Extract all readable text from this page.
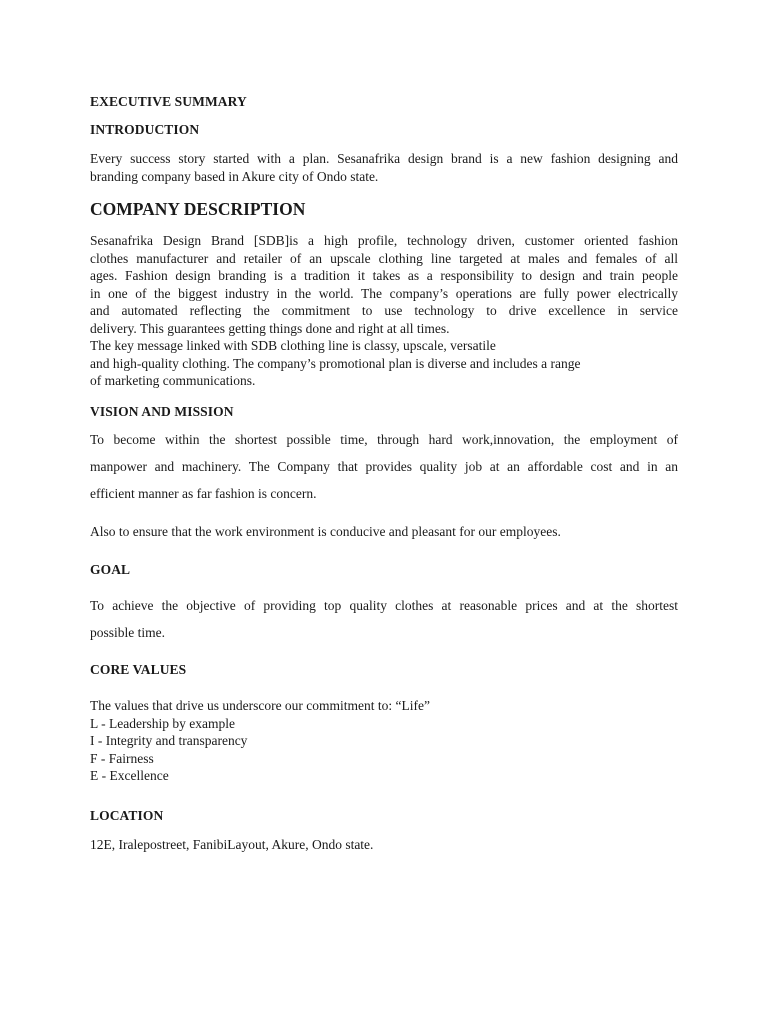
EXECUTIVE SUMMARY
INTRODUCTION
Every success story started with a plan. Sesanafrika design brand is a new fashion designing and
branding company based in Akure city of Ondo state.
COMPANY DESCRIPTION
Sesanafrika Design Brand [SDB]is a high profile, technology driven, customer oriented fashion
clothes manufacturer and retailer of an upscale clothing line targeted at males and females of all
ages. Fashion design branding is a tradition it takes as a responsibility to design and train people
in one of the biggest industry in the world. The company’s operations are fully power electrically
and automated reflecting the commitment to use technology to drive excellence in service
delivery. This guarantees getting things done and right at all times.
The key message linked with SDB clothing line is classy, upscale, versatile
and high-quality clothing. The company’s promotional plan is diverse and includes a range
of marketing communications.
VISION AND MISSION
To become within the shortest possible time, through hard work,innovation, the employment of
manpower and machinery. The Company that provides quality job at an affordable cost and in an
efficient manner as far fashion is concern.
Also to ensure that the work environment is conducive and pleasant for our employees.
GOAL
To achieve the objective of providing top quality clothes at reasonable prices and at the shortest
possible time.
CORE VALUES
The values that drive us underscore our commitment to: “Life”
L - Leadership by example
I - Integrity and transparency
F - Fairness
E - Excellence
LOCATION
12E, Iralepostreet, FanibiLayout, Akure, Ondo state.
